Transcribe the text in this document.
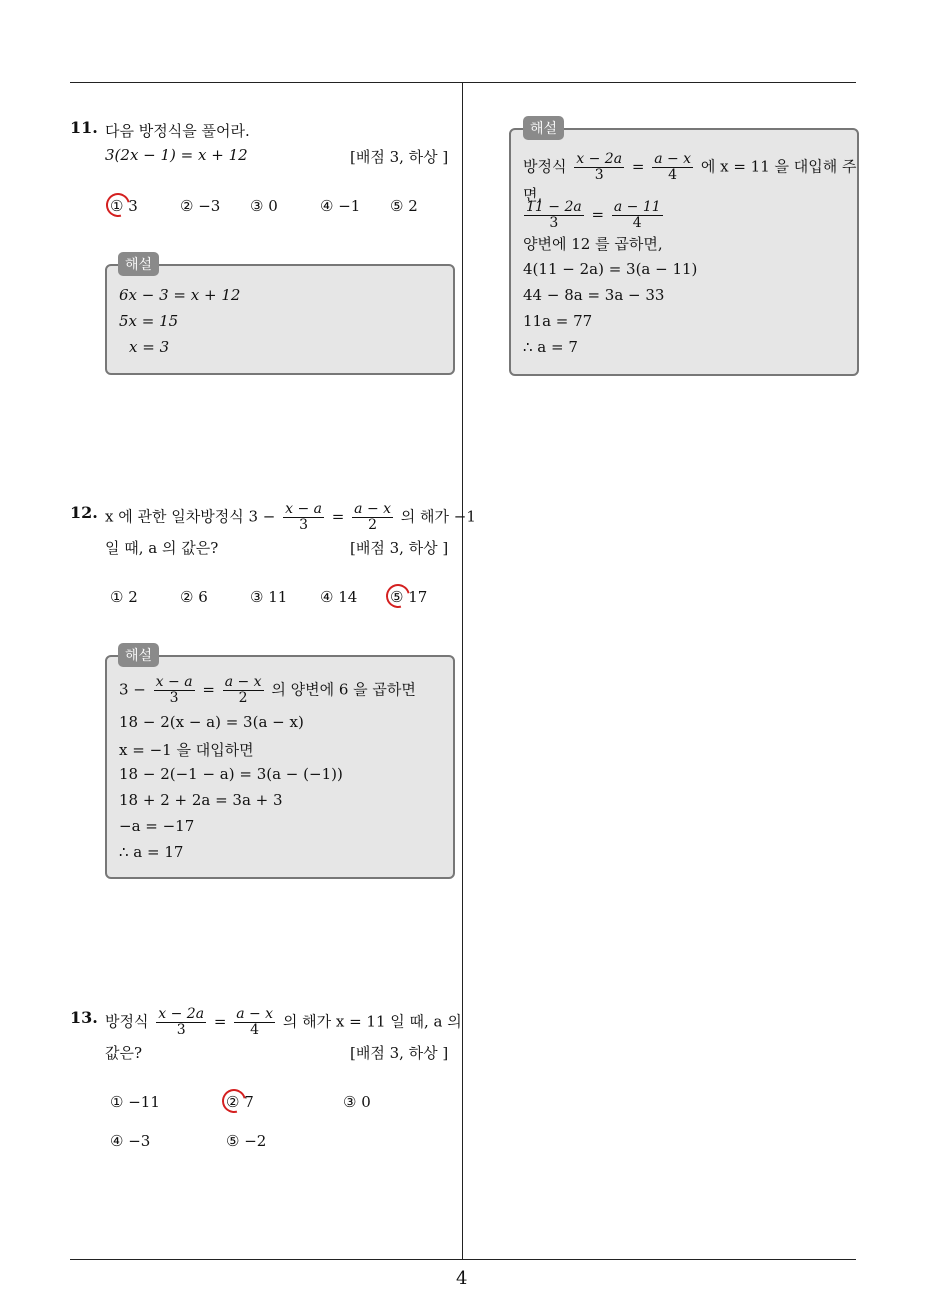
4
11. 다음 방정식을 풀어라.
3(2x − 1) = x + 12	[배점 3, 하상 ]
① 3	② −3 ③ 0	④ −1 ⑤ 2
6x − 3 = x + 12
5x = 15
x = 3
해설
12. x 에 관한 일차방정식 $3 - \frac{x - a}{3} = \frac{a - x}{2}$ 의 해가 −1
일 때, a 의 값은?	[배점 3, 하상 ]
① 2	② 6	③ 11 ④ 14 ⑤ 17
$3 - \frac{x - a}{3} = \frac{a - x}{2}$ 의 양변에 6 을 곱하면
18 − 2(x − a) = 3(a − x)
x = −1 을 대입하면
18 − 2(−1 − a) = 3(a − (−1))
18 + 2 + 2a = 3a + 3
−a = −17
∴ a = 17
해설
13. 방정식 $\frac{x - 2a}{3} = \frac{a - x}{4}$ 의 해가 x = 11 일 때, a 의
값은?	[배점 3, 하상 ]
① −11	② 7	③ 0
④ −3	⑤ −2
방정식 $\frac{x - 2a}{3} = \frac{a - x}{4}$ 에 x = 11 을 대입해 주
면,
$\frac{11 - 2a}{3} = \frac{a - 11}{4}$
양변에 12 를 곱하면,
4(11 − 2a) = 3(a − 11)
44 − 8a = 3a − 33
11a = 77
∴ a = 7
해설
